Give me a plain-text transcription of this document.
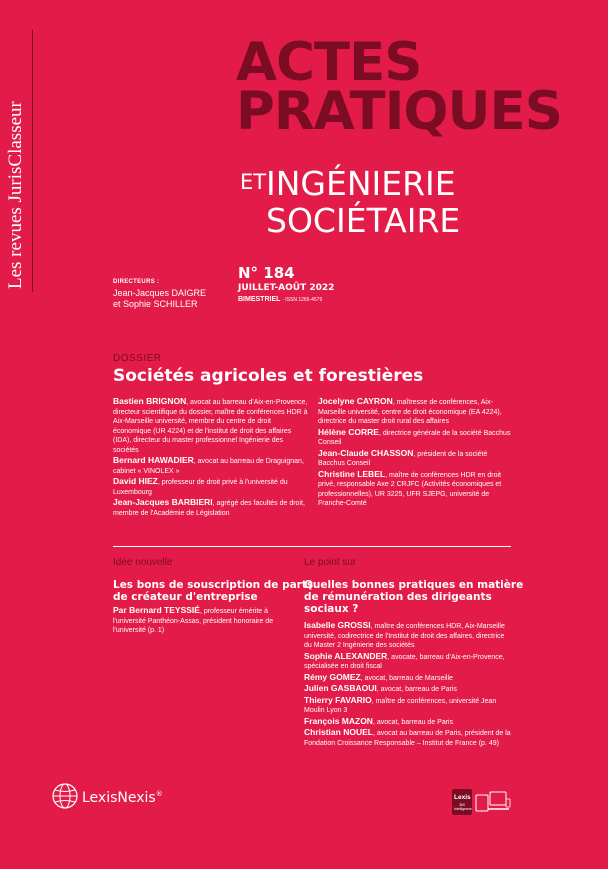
Les revues JurisClasseur
ACTES
PRATIQUES
ET INGÉNIERIE
SOCIÉTAIRE
DIRECTEURS :
Jean-Jacques DAIGRE
et Sophie SCHILLER
N° 184
JUILLET-AOÛT 2022
BIMESTRIEL · ISSN 1265-4579
DOSSIER
Sociétés agricoles et forestières
Bastien BRIGNON, avocat au barreau d'Aix-en-Provence, directeur scientifique du dossier, maître de conférences HDR à Aix-Marseille université, membre du centre de droit économique (UR 4224) et de l'institut de droit des affaires (IDA), directeur du master professionnel Ingénierie des sociétés
Bernard HAWADIER, avocat au barreau de Draguignan, cabinet « VINOLEX »
David HIEZ, professeur de droit privé à l'université du Luxembourg
Jean-Jacques BARBIERI, agrégé des facultés de droit, membre de l'Académie de Législation
Jocelyne CAYRON, maîtresse de conférences, Aix-Marseille université, centre de droit économique (EA 4224), directrice du master droit rural des affaires
Hélène CORRE, directrice générale de la société Bacchus Conseil
Jean-Claude CHASSON, président de la société Bacchus Conseil
Christine LEBEL, maître de conférences HDR en droit privé, responsable Axe 2 CRJFC (Activités économiques et professionnelles), UR 3225, UFR SJEPG, université de Franche-Comté
Idée nouvelle
Les bons de souscription de parts
de créateur d'entreprise
Par Bernard TEYSSIÉ, professeur émérite à l'université Panthéon-Assas, président honoraire de l'université (p. 1)
Le point sur
Quelles bonnes pratiques en matière
de rémunération des dirigeants
sociaux ?
Isabelle GROSSI, maître de conférences HDR, Aix-Marseille université, codirectrice de l'Institut de droit des affaires, directrice du Master 2 Ingénierie des sociétés
Sophie ALEXANDER, avocate, barreau d'Aix-en-Provence, spécialisée en droit fiscal
Rémy GOMEZ, avocat, barreau de Marseille
Julien GASBAOUI, avocat, barreau de Paris
Thierry FAVARIO, maître de conférences, université Jean Moulin Lyon 3
François MAZON, avocat, barreau de Paris
Christian NOUEL, avocat au barreau de Paris, président de la Fondation Croissance Responsable – Institut de France (p. 49)
LexisNexis®	Lexis
360 Intelligence
